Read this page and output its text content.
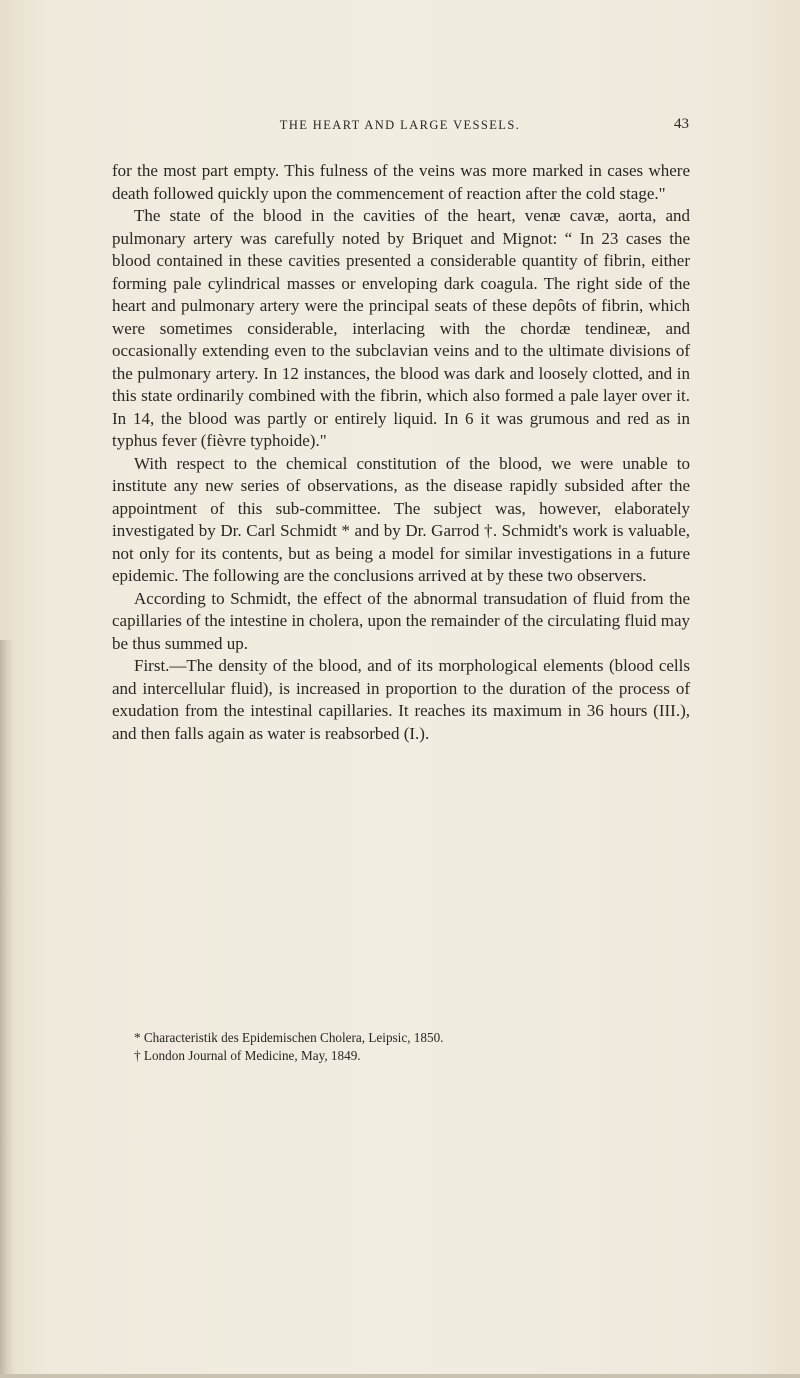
THE HEART AND LARGE VESSELS.	43

for the most part empty. This fulness of the veins was more marked in cases where death followed quickly upon the commencement of reaction after the cold stage."

The state of the blood in the cavities of the heart, venæ cavæ, aorta, and pulmonary artery was carefully noted by Briquet and Mignot: “ In 23 cases the blood contained in these cavities presented a considerable quantity of fibrin, either forming pale cylindrical masses or enveloping dark coagula. The right side of the heart and pulmonary artery were the principal seats of these depôts of fibrin, which were sometimes considerable, interlacing with the chordæ tendineæ, and occasionally extending even to the subclavian veins and to the ultimate divisions of the pulmonary artery. In 12 instances, the blood was dark and loosely clotted, and in this state ordinarily combined with the fibrin, which also formed a pale layer over it. In 14, the blood was partly or entirely liquid. In 6 it was grumous and red as in typhus fever (fièvre typhoide)."

With respect to the chemical constitution of the blood, we were unable to institute any new series of observations, as the disease rapidly subsided after the appointment of this sub-committee. The subject was, however, elaborately investigated by Dr. Carl Schmidt * and by Dr. Garrod †. Schmidt's work is valuable, not only for its contents, but as being a model for similar investigations in a future epidemic. The following are the conclusions arrived at by these two observers.

According to Schmidt, the effect of the abnormal transudation of fluid from the capillaries of the intestine in cholera, upon the remainder of the circulating fluid may be thus summed up.

First.—The density of the blood, and of its morphological elements (blood cells and intercellular fluid), is increased in proportion to the duration of the process of exudation from the intestinal capillaries. It reaches its maximum in 36 hours (III.), and then falls again as water is reabsorbed (I.).

* Characteristik des Epidemischen Cholera, Leipsic, 1850.

† London Journal of Medicine, May, 1849.
